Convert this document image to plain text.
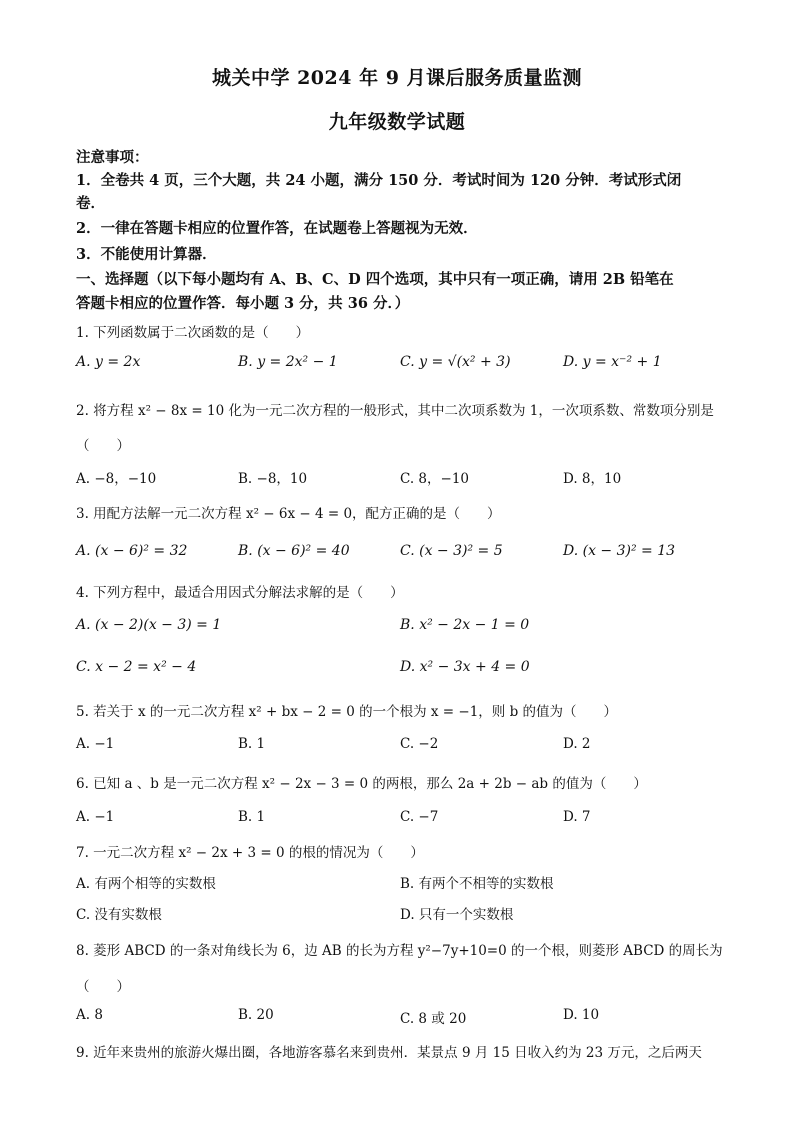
城关中学 2024 年 9 月课后服务质量监测
九年级数学试题
注意事项：
1．全卷共 4 页，三个大题，共 24 小题，满分 150 分．考试时间为 120 分钟．考试形式闭
卷．
2．一律在答题卡相应的位置作答，在试题卷上答题视为无效．
3．不能使用计算器．
一、选择题（以下每小题均有 A、B、C、D 四个选项，其中只有一项正确，请用 2B 铅笔在
答题卡相应的位置作答．每小题 3 分，共 36 分．）
1. 下列函数属于二次函数的是（　　）
A. y = 2x	B. y = 2x² − 1	C. y = √(x² + 3)	D. y = x⁻² + 1
2. 将方程 x² − 8x = 10 化为一元二次方程的一般形式，其中二次项系数为 1，一次项系数、常数项分别是
（　　）
A. −8，−10	B. −8，10	C. 8，−10	D. 8，10
3. 用配方法解一元二次方程 x² − 6x − 4 = 0，配方正确的是（　　）
A. (x − 6)² = 32	B. (x − 6)² = 40	C. (x − 3)² = 5	D. (x − 3)² = 13
4. 下列方程中，最适合用因式分解法求解的是（　　）
A. (x − 2)(x − 3) = 1	B. x² − 2x − 1 = 0
C. x − 2 = x² − 4	D. x² − 3x + 4 = 0
5. 若关于 x 的一元二次方程 x² + bx − 2 = 0 的一个根为 x = −1，则 b 的值为（　　）
A. −1	B. 1	C. −2	D. 2
6. 已知 a 、b 是一元二次方程 x² − 2x − 3 = 0 的两根，那么 2a + 2b − ab 的值为（　　）
A. −1	B. 1	C. −7	D. 7
7. 一元二次方程 x² − 2x + 3 = 0 的根的情况为（　　）
A. 有两个相等的实数根	B. 有两个不相等的实数根
C. 没有实数根	D. 只有一个实数根
8. 菱形 ABCD 的一条对角线长为 6，边 AB 的长为方程 y²−7y+10=0 的一个根，则菱形 ABCD 的周长为
（　　）
A. 8	B. 20	C. 8 或 20	D. 10
9. 近年来贵州的旅游火爆出圈，各地游客慕名来到贵州．某景点 9 月 15 日收入约为 23 万元，之后两天
